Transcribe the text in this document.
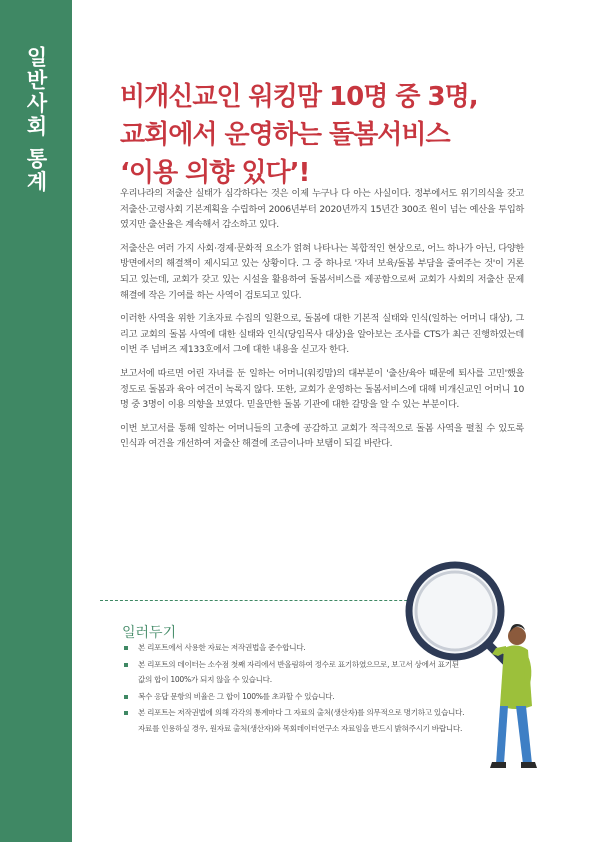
일반사회 통계	비개신교인 워킹맘 10명 중 3명,
교회에서 운영하는 돌봄서비스
‘이용 의향 있다’!

우리나라의 저출산 실태가 심각하다는 것은 이제 누구나 다 아는 사실이다. 정부에서도 위기의식을 갖고 저출산·고령사회 기본계획을 수립하여 2006년부터 2020년까지 15년간 300조 원이 넘는 예산을 투입하였지만 출산율은 계속해서 감소하고 있다.

저출산은 여러 가지 사회·경제·문화적 요소가 얽혀 나타나는 복합적인 현상으로, 어느 하나가 아닌, 다양한 방면에서의 해결책이 제시되고 있는 상황이다. 그 중 하나로 '자녀 보육/돌봄 부담을 줄여주는 것'이 거론되고 있는데, 교회가 갖고 있는 시설을 활용하여 돌봄서비스를 제공함으로써 교회가 사회의 저출산 문제 해결에 작은 기여를 하는 사역이 검토되고 있다.

이러한 사역을 위한 기초자료 수집의 일환으로, 돌봄에 대한 기본적 실태와 인식(일하는 어머니 대상), 그리고 교회의 돌봄 사역에 대한 실태와 인식(당임목사 대상)을 알아보는 조사를 CTS가 최근 진행하였는데 이번 주 넘버즈 제133호에서 그에 대한 내용을 싣고자 한다.

보고서에 따르면 어린 자녀를 둔 일하는 어머니(워킹맘)의 대부분이 '출산/육아 때문에 퇴사를 고민'했을 정도로 돌봄과 육아 여건이 녹록지 않다. 또한, 교회가 운영하는 돌봄서비스에 대해 비개신교인 어머니 10명 중 3명이 이용 의향을 보였다. 믿을만한 돌봄 기관에 대한 갈망을 알 수 있는 부분이다.

이번 보고서를 통해 일하는 어머니들의 고충에 공감하고 교회가 적극적으로 돌봄 사역을 펼칠 수 있도록 인식과 여건을 개선하여 저출산 해결에 조금이나마 보탬이 되길 바란다.

일러두기
본 리포트에서 사용한 자료는 저작권법을 준수합니다.
본 리포트의 데이터는 소수점 첫째 자리에서 반올림하여 정수로 표기하였으므로, 보고서 상에서 표기된 값의 합이 100%가 되지 않을 수 있습니다.
복수 응답 문항의 비율은 그 합이 100%를 초과할 수 있습니다.
본 리포트는 저작권법에 의해 각각의 통계마다 그 자료의 출처(생산자)를 의무적으로 명기하고 있습니다. 자료를 인용하실 경우, 원자료 출처(생산자)와 목회데이터연구소 자료임을 반드시 밝혀주시기 바랍니다.
